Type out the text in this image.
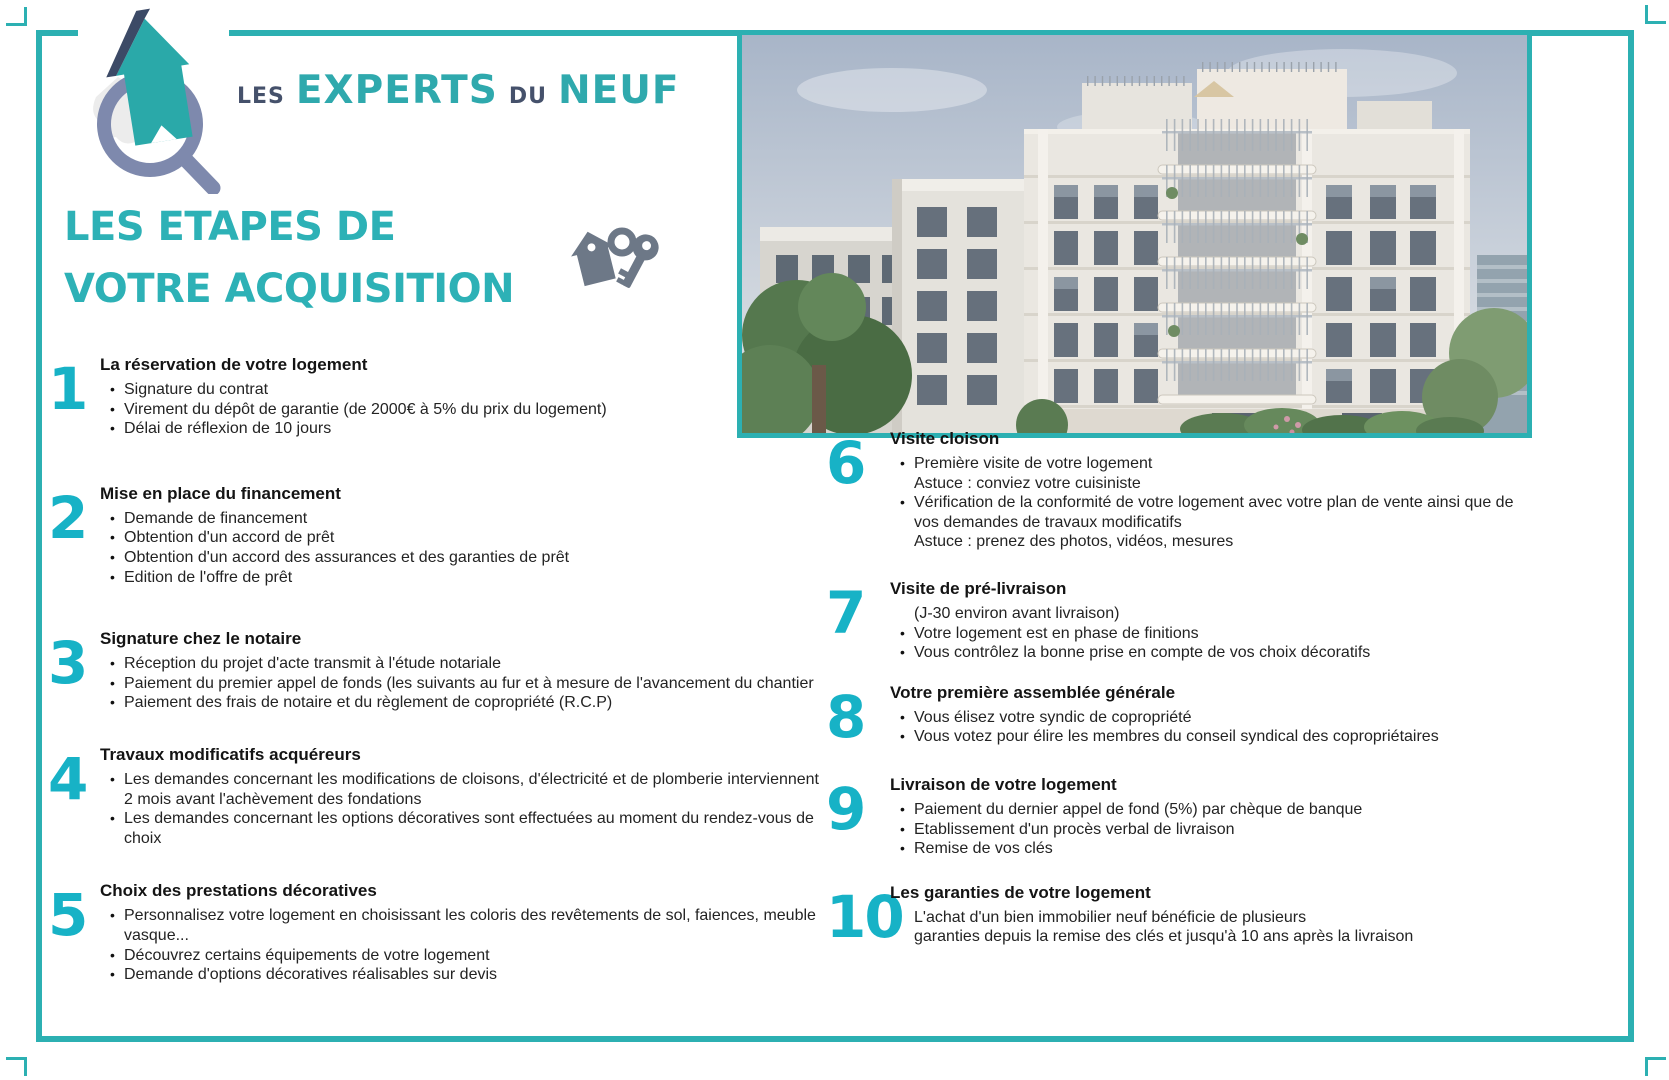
LES EXPERTS DU NEUF
LES ETAPES DE
VOTRE ACQUISITION
1 La réservation de votre logement
• Signature du contrat
• Virement du dépôt de garantie (de 2000€ à 5% du prix du logement)
• Délai de réflexion de 10 jours
2 Mise en place du financement
• Demande de financement
• Obtention d'un accord de prêt
• Obtention d'un accord des assurances et des garanties de prêt
• Edition de l'offre de prêt
3 Signature chez le notaire
• Réception du projet d'acte transmit à l'étude notariale
• Paiement du premier appel de fonds (les suivants au fur et à mesure de l'avancement du chantier
• Paiement des frais de notaire et du règlement de copropriété (R.C.P)
4 Travaux modificatifs acquéreurs
• Les demandes concernant les modifications de cloisons, d'électricité et de plomberie interviennent 2 mois avant l'achèvement des fondations
• Les demandes concernant les options décoratives sont effectuées au moment du rendez-vous de choix
5 Choix des prestations décoratives
• Personnalisez votre logement en choisissant les coloris des revêtements de sol, faiences, meuble vasque...
• Découvrez certains équipements de votre logement
• Demande d'options décoratives réalisables sur devis
6	Visite cloison
• Première visite de votre logement
Astuce : conviez votre cuisiniste
• Vérification de la conformité de votre logement avec votre plan de vente ainsi que de vos demandes de travaux modificatifs
Astuce : prenez des photos, vidéos, mesures
7	Visite de pré-livraison
(J-30 environ avant livraison)
• Votre logement est en phase de finitions
• Vous contrôlez la bonne prise en compte de vos choix décoratifs
8	Votre première assemblée générale
• Vous élisez votre syndic de copropriété
• Vous votez pour élire les membres du conseil syndical des copropriétaires
9	Livraison de votre logement
• Paiement du dernier appel de fond (5%) par chèque de banque
• Etablissement d'un procès verbal de livraison
• Remise de vos clés
10
Les garanties de votre logement
L'achat d'un bien immobilier neuf bénéficie de plusieurs
garanties depuis la remise des clés et jusqu'à 10 ans après la livraison
